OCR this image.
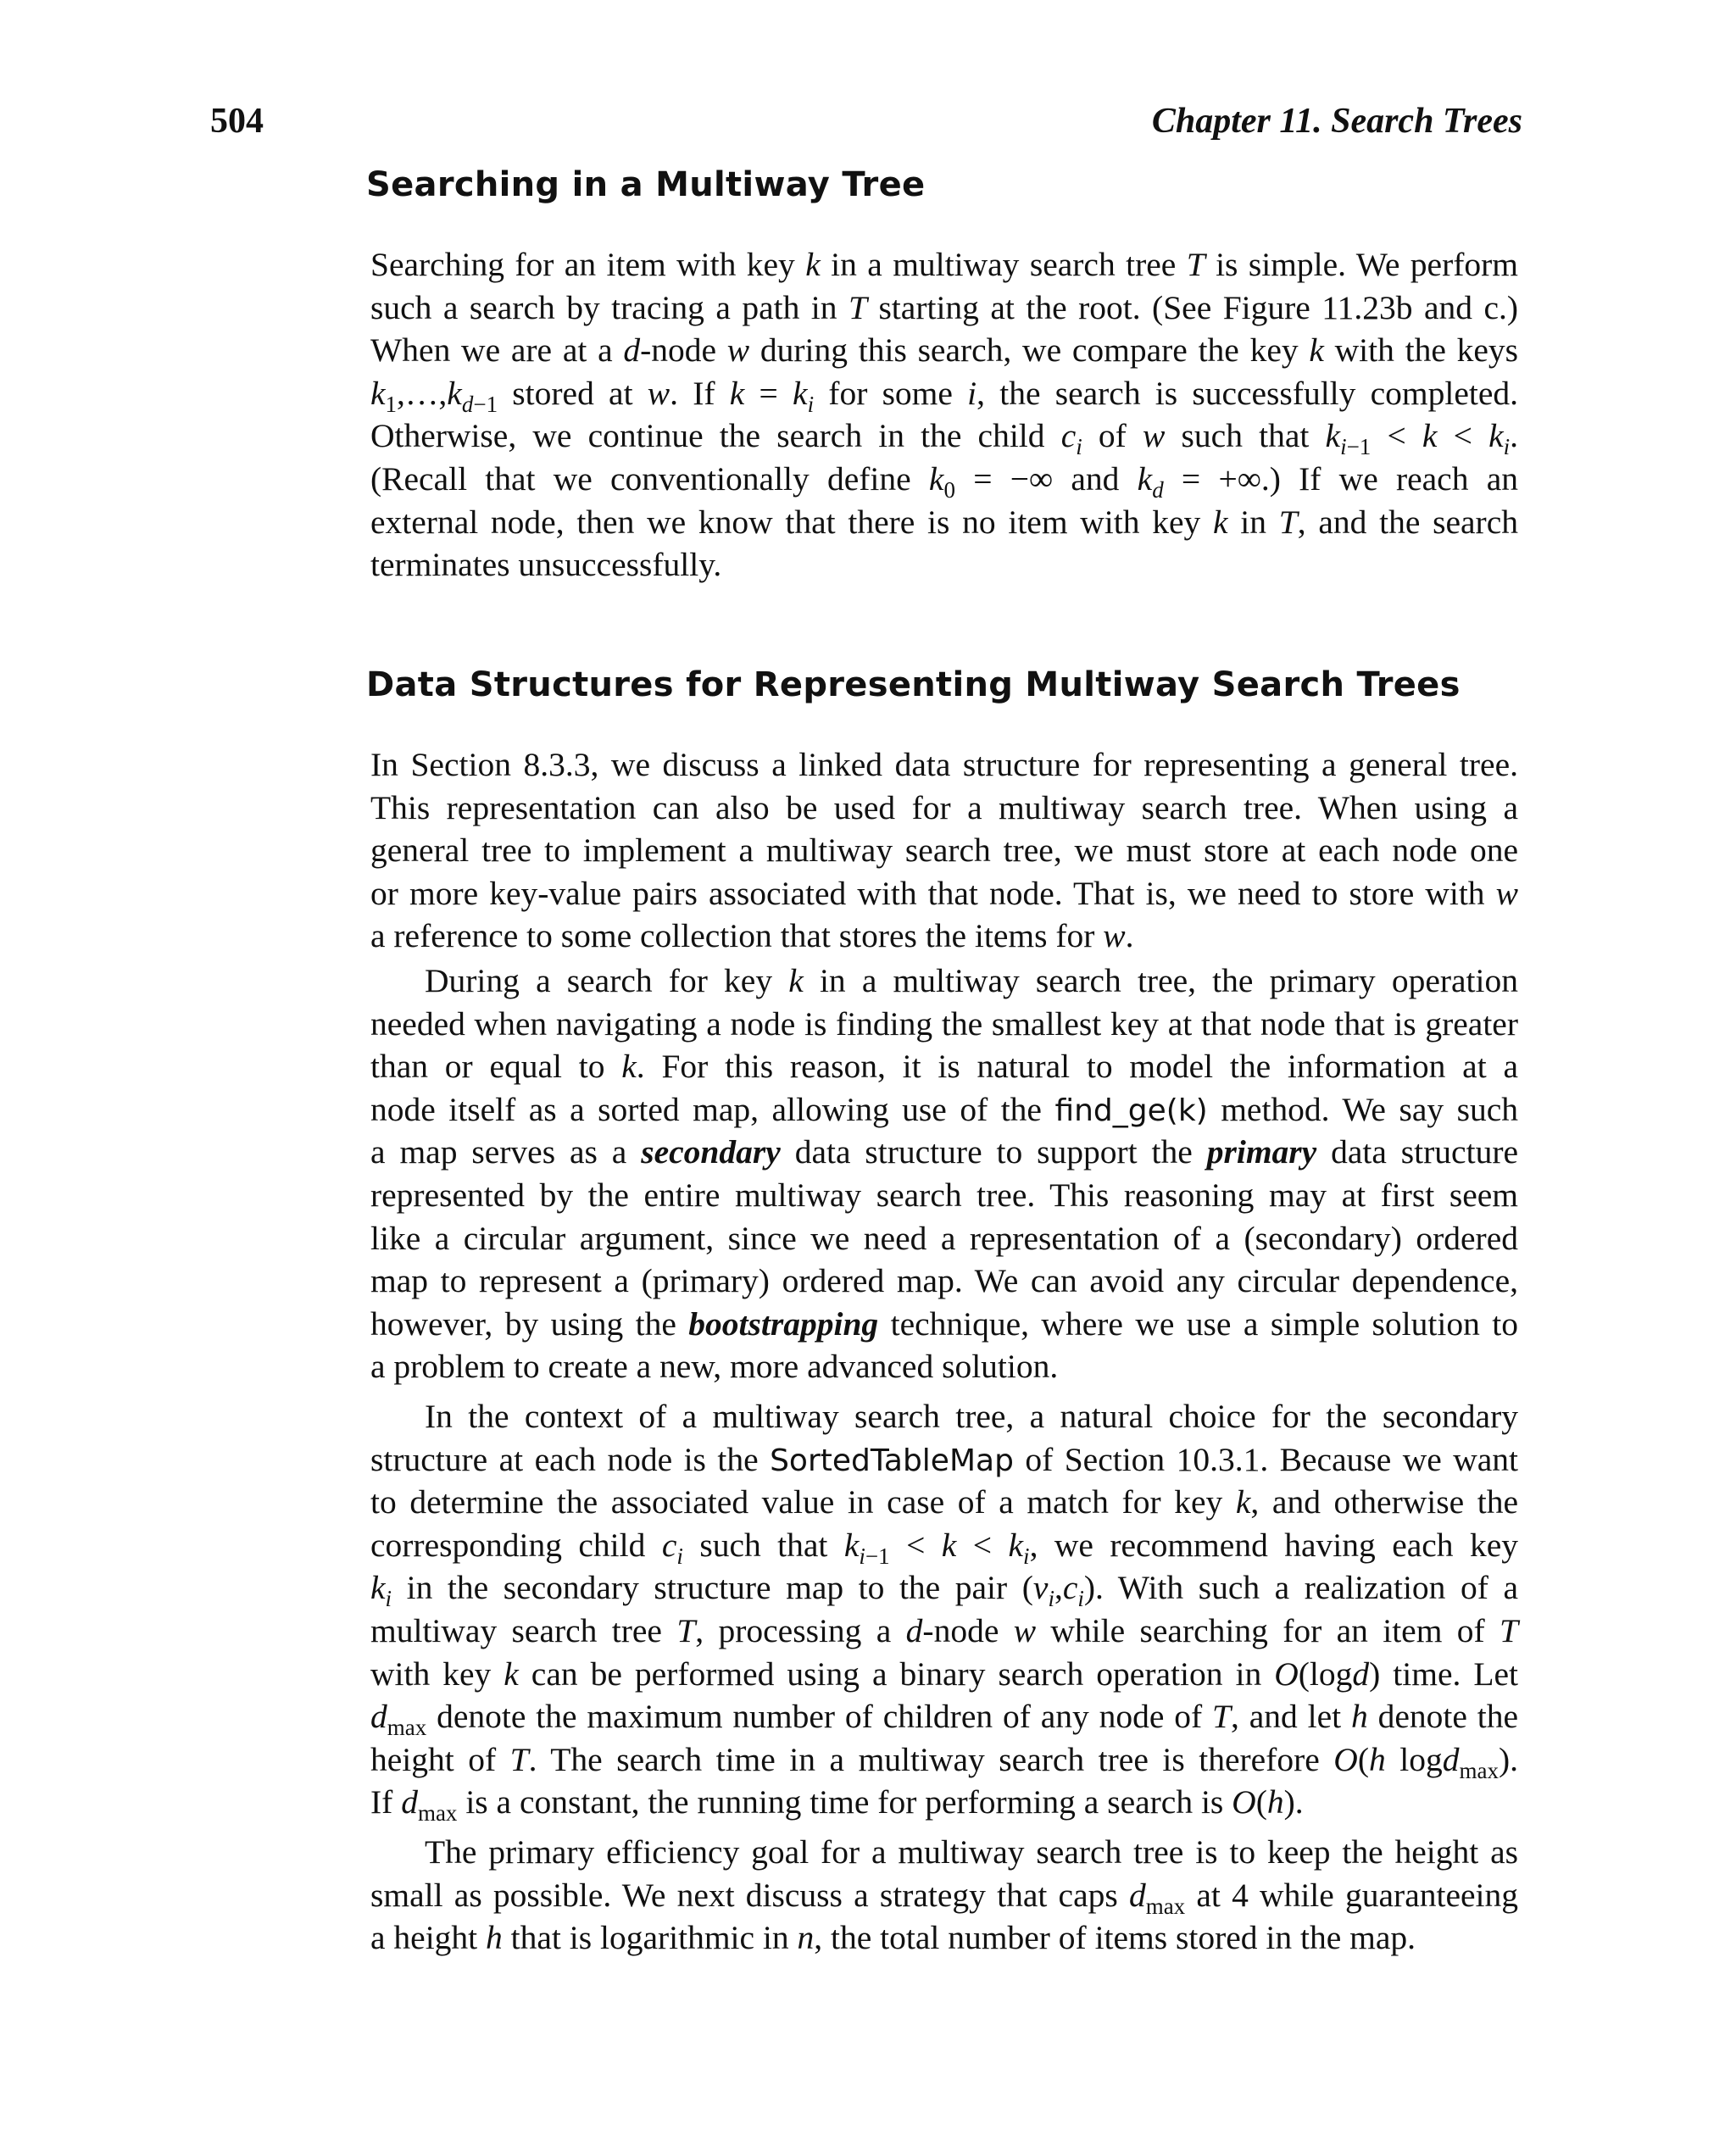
504	Chapter 11. Search Trees
Searching in a Multiway Tree
Searching for an item with key k in a multiway search tree T is simple. We perform
such a search by tracing a path in T starting at the root. (See Figure 11.23b and c.)
When we are at a d-node w during this search, we compare the key k with the keys
$k_1,\dots,k_{d-1}$ stored at w. If $k = k_i$ for some i, the search is successfully completed.
Otherwise, we continue the search in the child $c_i$ of w such that $k_{i-1} < k < k_i$.
(Recall that we conventionally define $k_0$ = −∞ and $k_d$ = +∞.) If we reach an
external node, then we know that there is no item with key k in T, and the search
terminates unsuccessfully.
Data Structures for Representing Multiway Search Trees
In Section 8.3.3, we discuss a linked data structure for representing a general tree.
This representation can also be used for a multiway search tree. When using a
general tree to implement a multiway search tree, we must store at each node one
or more key-value pairs associated with that node. That is, we need to store with w
a reference to some collection that stores the items for w.
During a search for key k in a multiway search tree, the primary operation
needed when navigating a node is finding the smallest key at that node that is greater
than or equal to k. For this reason, it is natural to model the information at a
node itself as a sorted map, allowing use of the find_ge(k) method. We say such
a map serves as a secondary data structure to support the primary data structure
represented by the entire multiway search tree. This reasoning may at first seem
like a circular argument, since we need a representation of a (secondary) ordered
map to represent a (primary) ordered map. We can avoid any circular dependence,
however, by using the bootstrapping technique, where we use a simple solution to
a problem to create a new, more advanced solution.
In the context of a multiway search tree, a natural choice for the secondary
structure at each node is the SortedTableMap of Section 10.3.1. Because we want
to determine the associated value in case of a match for key k, and otherwise the
corresponding child $c_i$ such that $k_{i-1} < k < k_i$, we recommend having each key
$k_i$ in the secondary structure map to the pair $(v_i,c_i)$. With such a realization of a
multiway search tree T, processing a d-node w while searching for an item of T
with key k can be performed using a binary search operation in O(logd) time. Let
$d_{max}$ denote the maximum number of children of any node of T, and let h denote the
height of T. The search time in a multiway search tree is therefore O(h logd$_{max}$).
If $d_{max}$ is a constant, the running time for performing a search is O(h).
The primary efficiency goal for a multiway search tree is to keep the height as
small as possible. We next discuss a strategy that caps $d_{max}$ at 4 while guaranteeing
a height h that is logarithmic in n, the total number of items stored in the map.
